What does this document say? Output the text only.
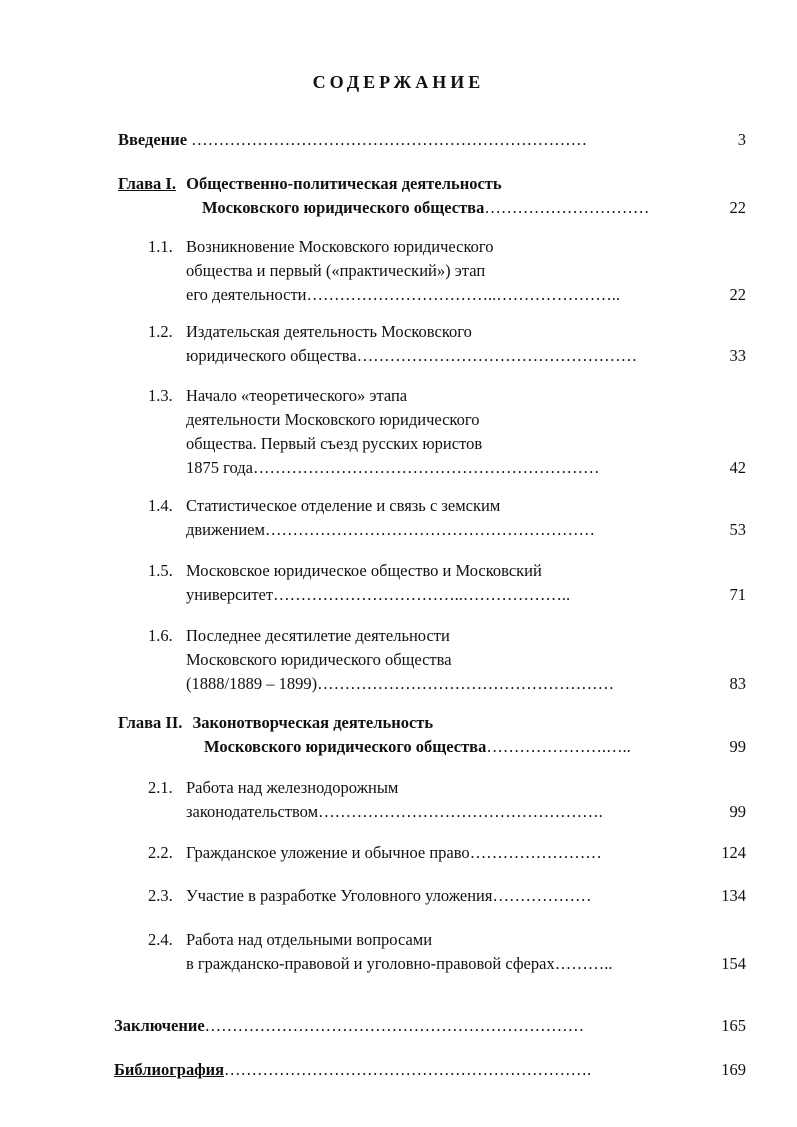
СОДЕРЖАНИЕ
Введение ………………………………………………………………	3
Глава I. Общественно-политическая деятельность
Московского юридического общества…………………………	22
1.1. Возникновение Московского юридического
общества и первый («практический») этап
его деятельности……………………………..…………………..	22
1.2. Издательская деятельность Московского
юридического общества……………………………………………	33
1.3. Начало «теоретического» этапа
деятельности Московского юридического
общества. Первый съезд русских юристов
1875 года………………………………………………………	42
1.4. Статистическое отделение и связь с земским
движением……………………………………………………	53
1.5. Московское юридическое общество и Московский
университет……………………………..………………..	71
1.6. Последнее десятилетие деятельности
Московского юридического общества
(1888/1889 – 1899)………………………………………………	83
Глава II. Законотворческая деятельность
Московского юридического общества………………….…..	99
2.1. Работа над железнодорожным
законодательством…………………………………………….	99
2.2. Гражданское уложение и обычное право……………………	124
2.3. Участие в разработке Уголовного уложения………………	134
2.4. Работа над отдельными вопросами
в гражданско-правовой и уголовно-правовой сферах………..	154
Заключение……………………………………………………………	165
Библиография………………………………………………………….	169
